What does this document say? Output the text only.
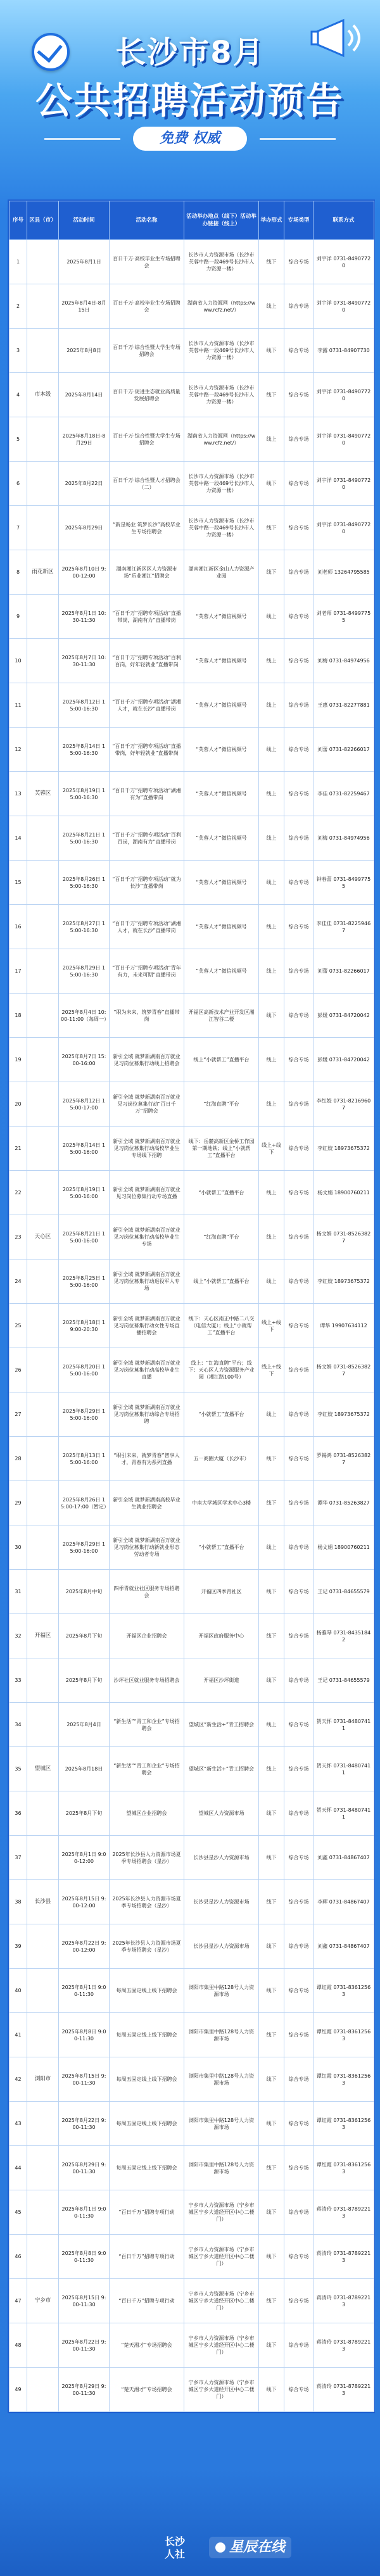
长沙市8月
公共招聘活动预告
免费 权威
序号	区县（市）	活动时间	活动名称	活动举办地点（线下）活动举办链接（线上）	举办形式	专场类型	联系方式
1		2025年8月1日	百日千万·高校毕业生专场招聘会	长沙市人力资源市场（长沙市芙蓉中路一段469号长沙市人力资源一楼）	线下	综合专场	刘宇洋 0731-84907720
2		2025年8月4日-8月15日	百日千万·高校毕业生专场招聘会	湖南省人力资源网（https://www.rcfz.net/）	线上	综合专场	刘宇洋 0731-84907720
3		2025年8月8日	百日千万·综合性暨大学生专场招聘会	长沙市人力资源市场（长沙市芙蓉中路一段469号长沙市人力资源一楼）	线下	综合专场	李露 0731-84907730
4	市本级	2025年8月14日	百日千万·促进生态就业高质量发展招聘会	长沙市人力资源市场（长沙市芙蓉中路一段469号长沙市人力资源一楼）	线下	综合专场	刘宇洋 0731-84907720
5		2025年8月18日-8月29日	百日千万·综合性暨大学生专场招聘会	湖南省人力资源网（https://www.rcfz.net/）	线上	综合专场	刘宇洋 0731-84907720
6		2025年8月22日	百日千万·综合性暨人才招聘会（二）	长沙市人力资源市场（长沙市芙蓉中路一段469号长沙市人力资源一楼）	线下	综合专场	刘宇洋 0731-84907720
7		2025年8月29日	“新星畅业 筑梦长沙”高校毕业生专场招聘会	长沙市人力资源市场（长沙市芙蓉中路一段469号长沙市人力资源一楼）	线下	综合专场	刘宇洋 0731-84907720
8	雨花新区	2025年8月10日 9:00-12:00	湖南湘江新区区人力资源市场“乐业湘江”招聘会	湖南湘江新区金山人力资源产业园	线下	综合专场	刘老师 13264795585
9		2025年8月1日 10:30-11:30	“百日千万”招聘专项活动“直播带岗，湖南有力”直播带岗	“芙蓉人才”微信视频号	线上	综合专场	刘老师 0731-84997755
10		2025年8月7日 10:30-11:30	“百日千万”招聘专项活动“百利百岗，好年轻就业”直播带岗	“芙蓉人才”微信视频号	线上	综合专场	刘梅 0731-84974956
11		2025年8月12日 15:00-16:30	“百日千万”招聘专项活动“湖湘人才，就在长沙”直播带岗	“芙蓉人才”微信视频号	线上	综合专场	王惠 0731-82277881
12		2025年8月14日 15:00-16:30	“百日千万”招聘专项活动“直播带岗，好年轻就业”直播带岗	“芙蓉人才”微信视频号	线上	综合专场	刘蕾 0731-82266017
13	芙蓉区	2025年8月19日 15:00-16:30	“百日千万”招聘专项活动“湖湘有为”直播带岗	“芙蓉人才”微信视频号	线上	综合专场	李佳 0731-82259467
14		2025年8月21日 15:00-16:30	“百日千万”招聘专项活动“百利百岗，湖南有力”直播带岗	“芙蓉人才”微信视频号	线上	综合专场	刘梅 0731-84974956
15		2025年8月26日 15:00-16:30	“百日千万”招聘专项活动“就为长沙”直播带岗	“芙蓉人才”微信视频号	线上	综合专场	钟春蕾 0731-84997755
16		2025年8月27日 15:00-16:30	“百日千万”招聘专项活动“湖湘人才，就在长沙”直播带岗	“芙蓉人才”微信视频号	线上	综合专场	李佳佳 0731-82259467
17		2025年8月29日 15:00-16:30	“百日千万”招聘专项活动“青年有力，未来可期”直播带岗	“芙蓉人才”微信视频号	线上	综合专场	刘蕾 0731-82266017
18		2025年8月4日 10:00-11:00（每周一）	“职为未来，筑梦青春”直播带岗	开福区高新技术产业开发区湘江智谷二楼	线下	综合专场	彭媛 0731-84720042
19		2025年8月7日 15:00-16:00	新引全域 就梦新湖南百万就业见习岗位募集行动线上招聘会	线上“小就帮工”直播平台	线上	综合专场	彭媛 0731-84720042
20		2025年8月12日 15:00-17:00	新引全域 就梦新湖南百万就业见习岗位募集行动“百日千万”招聘会	“红海直聘”平台	线上	综合专场	李红姣 0731-82169607
21		2025年8月14日 15:00-16:00	新引全域 就梦新湖南百万就业见习岗位募集行动高校毕业生专场线下招聘	线下：岳麓高新区金桥工作园第一期地铁；线上“小就帮工”直播平台	线上+线下	综合专场	李红姣 18973675372
22		2025年8月19日 15:00-16:00	新引全域 就梦新湖南百万就业见习岗位募集行动专场直播	“小就帮工”直播平台	线上	综合专场	杨文娟 18900760211
23	天心区	2025年8月21日 15:00-16:00	新引全域 就梦新湖南百万就业见习岗位募集行动高校毕业生专场	“红海直聘”平台	线上	综合专场	杨文娟 0731-85263827
24		2025年8月25日 15:00-16:00	新引全域 就梦新湖南百万就业见习岗位募集行动退役军人专场	线上“小就帮工”直播平台	线上	综合专场	李红姣 18973675372
25		2025年8月18日 19:00-20:30	新引全域 就梦新湖南百万就业见习岗位募集行动女性专场直播招聘会	线下：天心区南正中路二八交（电信大厦）；线上“小就帮工”直播平台	线上+线下	综合专场	谭华 19907634112
26		2025年8月20日 15:00-16:00	新引全域 就梦新湖南百万就业见习岗位募集行动高校毕业生直播	线上：“红海直聘”平台；线下：天心区人力资源服务产业园（湘江路100号）	线上+线下	综合专场	杨文娟 0731-85263827
27		2025年8月29日 15:00-16:00	新引全域 就梦新湖南百万就业见习岗位募集行动综合专场招聘	“小就帮工”直播平台	线上	综合专场	李红姣 18973675372
28		2025年8月13日 15:00-16:00	“职引未来，就梦青春”智享人才，青春有为系列直播	五一商圈大厦（长沙市）	线下	综合专场	罗锡鸿 0731-85263827
29		2025年8月26日 15:00-17:00（暂定）	新引全域 就梦新湖南高校毕业生就业招聘会	中南大学城区学术中心3楼	线下	综合专场	谭华 0731-85263827
30		2025年8月29日 15:00-16:00	新引全域 就梦新湖南百万就业见习岗位募集行动新就业形态劳动者专场	“小就帮工”直播平台	线上	综合专场	杨文娟 18900760211
31		2025年8月中旬	四季青就业社区服务专场招聘会	开福区四季青社区	线下	综合专场	王记 0731-84655579
32	开福区	2025年8月下旬	开福区企业招聘会	开福区政府服务中心	线下	综合专场	杨雅琴 0731-84351842
33		2025年8月下旬	沙坪社区就业服务专场招聘会	开福区沙坪街道	线下	综合专场	王记 0731-84655579
34		2025年8月4日	“新生活”“青工和企业”专场招聘会	望城区“新生活+”青工招聘会	线上	综合专场	贺天怀 0731-84807411
35	望城区	2025年8月18日	“新生活”“青工和企业”专场招聘会	望城区“新生活+”青工招聘会	线上	综合专场	贺天怀 0731-84807411
36		2025年8月下旬	望城区企业招聘会	望城区人力资源市场	线下	综合专场	贺天怀 0731-84807411
37		2025年8月1日 9:00-12:00	2025年长沙县人力资源市场夏季专场招聘会（星沙）	长沙县星沙人力资源市场	线下	综合专场	刘鑫 0731-84867407
38	长沙县	2025年8月15日 9:00-12:00	2025年长沙县人力资源市场夏季专场招聘会（星沙）	长沙县星沙人力资源市场	线下	综合专场	李辉 0731-84867407
39		2025年8月22日 9:00-12:00	2025年长沙县人力资源市场夏季专场招聘会（星沙）	长沙县星沙人力资源市场	线下	综合专场	刘鑫 0731-84867407
40		2025年8月1日 9:00-11:30	每周五固定线上线下招聘会	浏阳市集里中路128号人力资源市场	线下	综合专场	谭红霞 0731-83612563
41		2025年8月8日 9:00-11:30	每周五固定线上线下招聘会	浏阳市集里中路128号人力资源市场	线下	综合专场	谭红霞 0731-83612563
42	浏阳市	2025年8月15日 9:00-11:30	每周五固定线上线下招聘会	浏阳市集里中路128号人力资源市场	线下	综合专场	谭红霞 0731-83612563
43		2025年8月22日 9:00-11:30	每周五固定线上线下招聘会	浏阳市集里中路128号人力资源市场	线下	综合专场	谭红霞 0731-83612563
44		2025年8月29日 9:00-11:30	每周五固定线上线下招聘会	浏阳市集里中路128号人力资源市场	线下	综合专场	谭红霞 0731-83612563
45		2025年8月1日 9:00-11:30	“百日千万”招聘专项行动	宁乡市人力资源市场（宁乡市城区宁乡大道经开区中心二楼门）	线下	综合专场	蒋清玲 0731-87892213
46		2025年8月8日 9:00-11:30	“百日千万”招聘专项行动	宁乡市人力资源市场（宁乡市城区宁乡大道经开区中心二楼门）	线下	综合专场	蒋清玲 0731-87892213
47	宁乡市	2025年8月15日 9:00-11:30	“百日千万”招聘专项行动	宁乡市人力资源市场（宁乡市城区宁乡大道经开区中心二楼门）	线下	综合专场	蒋清玲 0731-87892213
48		2025年8月22日 9:00-11:30	“楚天湘才”专场招聘会	宁乡市人力资源市场（宁乡市城区宁乡大道经开区中心二楼门）	线下	综合专场	蒋清玲 0731-87892213
49		2025年8月29日 9:00-11:30	“楚天湘才”专场招聘会	宁乡市人力资源市场（宁乡市城区宁乡大道经开区中心二楼门）	线下	综合专场	蒋清玲 0731-87892213
长沙
人社	星辰在线
